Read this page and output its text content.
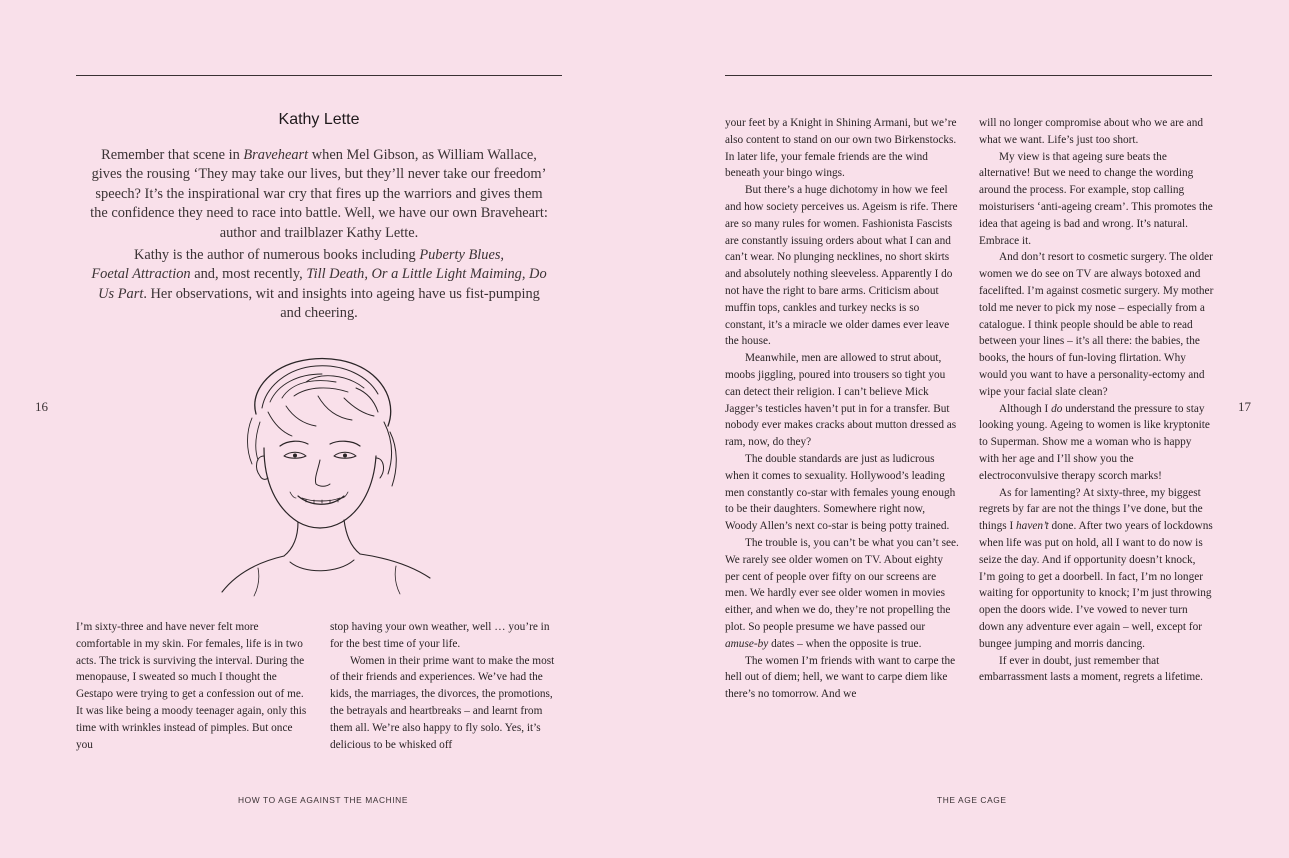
Kathy Lette

Remember that scene in Braveheart when Mel Gibson, as William Wallace, gives the rousing ‘They may take our lives, but they’ll never take our freedom’ speech? It’s the inspirational war cry that fires up the warriors and gives them the confidence they need to race into battle. Well, we have our own Braveheart: author and trailblazer Kathy Lette.

Kathy is the author of numerous books including Puberty Blues,
Foetal Attraction and, most recently, Till Death, Or a Little Light Maiming, Do Us Part. Her observations, wit and insights into ageing have us fist-pumping and cheering.

I’m sixty-three and have never felt more comfortable in my skin. For females, life is in two acts. The trick is surviving the interval. During the menopause, I sweated so much I thought the Gestapo were trying to get a confession out of me. It was like being a moody teenager again, only this time with wrinkles instead of pimples. But once you

stop having your own weather, well … you’re in for the best time of your life.

Women in their prime want to make the most of their friends and experiences. We’ve had the kids, the marriages, the divorces, the promotions, the betrayals and heartbreaks – and learnt from them all. We’re also happy to fly solo. Yes, it’s delicious to be whisked off

your feet by a Knight in Shining Armani, but we’re also content to stand on our own two Birkenstocks. In later life, your female friends are the wind beneath your bingo wings.

But there’s a huge dichotomy in how we feel and how society perceives us. Ageism is rife. There are so many rules for women. Fashionista Fascists are constantly issuing orders about what I can and can’t wear. No plunging necklines, no short skirts and absolutely nothing sleeveless. Apparently I do not have the right to bare arms. Criticism about muffin tops, cankles and turkey necks is so constant, it’s a miracle we older dames ever leave the house.

Meanwhile, men are allowed to strut about, moobs jiggling, poured into trousers so tight you can detect their religion. I can’t believe Mick Jagger’s testicles haven’t put in for a transfer. But nobody ever makes cracks about mutton dressed as ram, now, do they?

The double standards are just as ludicrous when it comes to sexuality. Hollywood’s leading men constantly co-star with females young enough to be their daughters. Somewhere right now, Woody Allen’s next co-star is being potty trained.

The trouble is, you can’t be what you can’t see. We rarely see older women on TV. About eighty per cent of people over fifty on our screens are men. We hardly ever see older women in movies either, and when we do, they’re not propelling the plot. So people presume we have passed our amuse-by dates – when the opposite is true.

The women I’m friends with want to carpe the hell out of diem; hell, we want to carpe diem like there’s no tomorrow. And we

will no longer compromise about who we are and what we want. Life’s just too short.

My view is that ageing sure beats the alternative! But we need to change the wording around the process. For example, stop calling moisturisers ‘anti-ageing cream’. This promotes the idea that ageing is bad and wrong. It’s natural. Embrace it.

And don’t resort to cosmetic surgery. The older women we do see on TV are always botoxed and facelifted. I’m against cosmetic surgery. My mother told me never to pick my nose – especially from a catalogue. I think people should be able to read between your lines – it’s all there: the babies, the books, the hours of fun-loving flirtation. Why would you want to have a personality-ectomy and wipe your facial slate clean?

Although I do understand the pressure to stay looking young. Ageing to women is like kryptonite to Superman. Show me a woman who is happy with her age and I’ll show you the electroconvulsive therapy scorch marks!

As for lamenting? At sixty-three, my biggest regrets by far are not the things I’ve done, but the things I haven’t done. After two years of lockdowns when life was put on hold, all I want to do now is seize the day. And if opportunity doesn’t knock, I’m going to get a doorbell. In fact, I’m no longer waiting for opportunity to knock; I’m just throwing open the doors wide. I’ve vowed to never turn down any adventure ever again – well, except for bungee jumping and morris dancing.

If ever in doubt, just remember that embarrassment lasts a moment, regrets a lifetime.

16	17
HOW TO AGE AGAINST THE MACHINE	THE AGE CAGE
